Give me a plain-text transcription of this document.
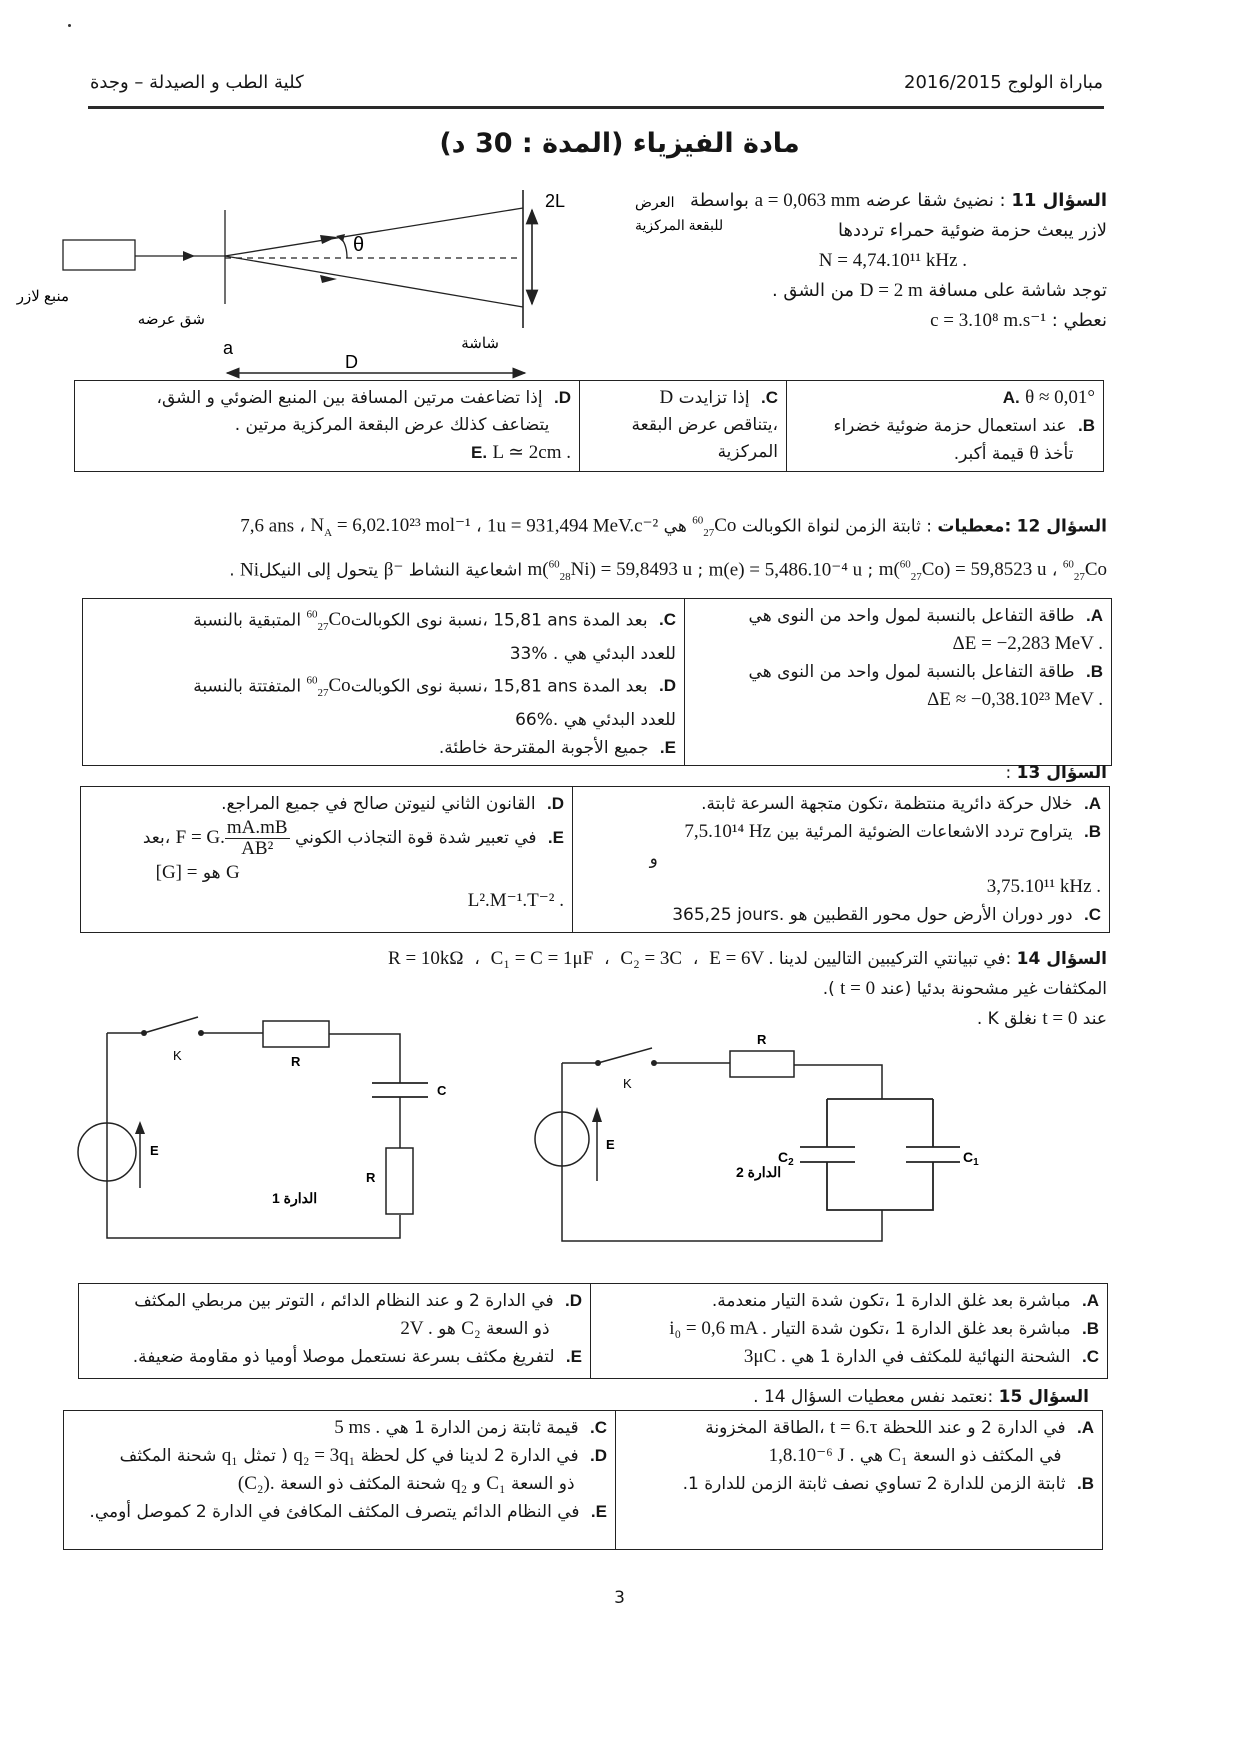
كلية الطب و الصيدلة – وجدة	مباراة الولوج 2016/2015
مادة الفيزياء (المدة : 30 د)
السؤال 11 : نضيئ شقا عرضه a = 0,063 mm بواسطة
لازر يبعث حزمة ضوئية حمراء ترددها
N = 4,74.10¹¹ kHz .
توجد شاشة على مسافة D = 2 m من الشق .
نعطي : c = 3.10⁸ m.s⁻¹
θ
2L	العرض
للبقعة المركزية
منبع لازر
شق عرضه
a	شاشة
D
A. θ ≈ 0,01°
B. عند استعمال حزمة ضوئية خضراء
تأخذ θ قيمة أكبر.

C. إذا تزايدت D
،يتناقص عرض البقعة
المركزية

D. إذا تضاعفت مرتين المسافة بين المنبع الضوئي و الشق،
يتضاعف كذلك عرض البقعة المركزية مرتين .
E. L ≃ 2cm .
السؤال 12 :معطيات : ثابتة الزمن لنواة الكوبالت $^{60}_{27}$Co هي 7,6 ans ، $N_A = 6,02.10^{23}$ mol⁻¹ ، 1u = 931,494 MeV.c⁻²
m($^{60}_{28}$Ni) = 59,8493 u ; m(e) = 5,486.10⁻⁴ u ; m($^{60}_{27}$Co) = 59,8523 u ، $^{60}_{27}$Co اشعاعية النشاط β⁻ يتحول إلى النيكلNi .
A. طاقة التفاعل بالنسبة لمول واحد من النوى هي
ΔE = −2,283 MeV .
B. طاقة التفاعل بالنسبة لمول واحد من النوى هي
ΔE ≈ −0,38.10²³ MeV .

C. بعد المدة 15,81 ans ،نسبة نوى الكوبالت$^{60}_{27}$Co المتبقية بالنسبة
للعدد البدئي هي 33% .
D. بعد المدة 15,81 ans ،نسبة نوى الكوبالت$^{60}_{27}$Co المتفتتة بالنسبة
للعدد البدئي هي 66%.
E. جميع الأجوبة المقترحة خاطئة.
السؤال 13 :
A. خلال حركة دائرية منتظمة ،تكون متجهة السرعة ثابتة.
B. يتراوح تردد الاشعاعات الضوئية المرئية بين 7,5.10¹⁴ Hz
و 3,75.10¹¹ kHz .
C. دور دوران الأرض حول محور القطبين هو 365,25 jours.

D. القانون الثاني لنيوتن صالح في جميع المراجع.
E. في تعبير شدة قوة التجاذب الكوني F = G. $\frac{mA.mB}{\text{AB²}}$
،بعد
G هو [G] = L².M⁻¹.T⁻² .
السؤال 14 :في تبيانتي التركيبين التاليين لدينا R = 10kΩ  ،  C₁ = C = 1μF  ،  C₂ = 3C  ،  E = 6V .
المكثفات غير مشحونة بدئيا (عند t = 0 ).
عند t = 0 نغلق K .
K	R
C
R
E
الدارة 1
K
R
$C_2$	$C_1$
E
الدارة 2
A. مباشرة بعد غلق الدارة 1 ،تكون شدة التيار منعدمة.
B. مباشرة بعد غلق الدارة 1 ،تكون شدة التيار i₀ = 0,6 mA .
C. الشحنة النهائية للمكثف في الدارة 1 هي 3μC .

D. في الدارة 2 و عند النظام الدائم ، التوتر بين مربطي المكثف
ذو السعة C₂ هو 2V .
E. لتفريغ مكثف بسرعة نستعمل موصلا أوميا ذو مقاومة ضعيفة.
السؤال 15 :نعتمد نفس معطيات السؤال 14 .
A. في الدارة 2 و عند اللحظة t = 6.τ ،الطاقة المخزونة
في المكثف ذو السعة C₁ هي 1,8.10⁻⁶ J .
B. ثابتة الزمن للدارة 2 تساوي نصف ثابتة الزمن للدارة 1.

C. قيمة ثابتة زمن الدارة 1 هي 5 ms .
D. في الدارة 2 لدينا في كل لحظة q₂ = 3q₁ ( تمثل q₁ شحنة المكثف
ذو السعة C₁ و q₂ شحنة المكثف ذو السعة (C₂).
E. في النظام الدائم يتصرف المكثف المكافئ في الدارة 2 كموصل أومي.
3
